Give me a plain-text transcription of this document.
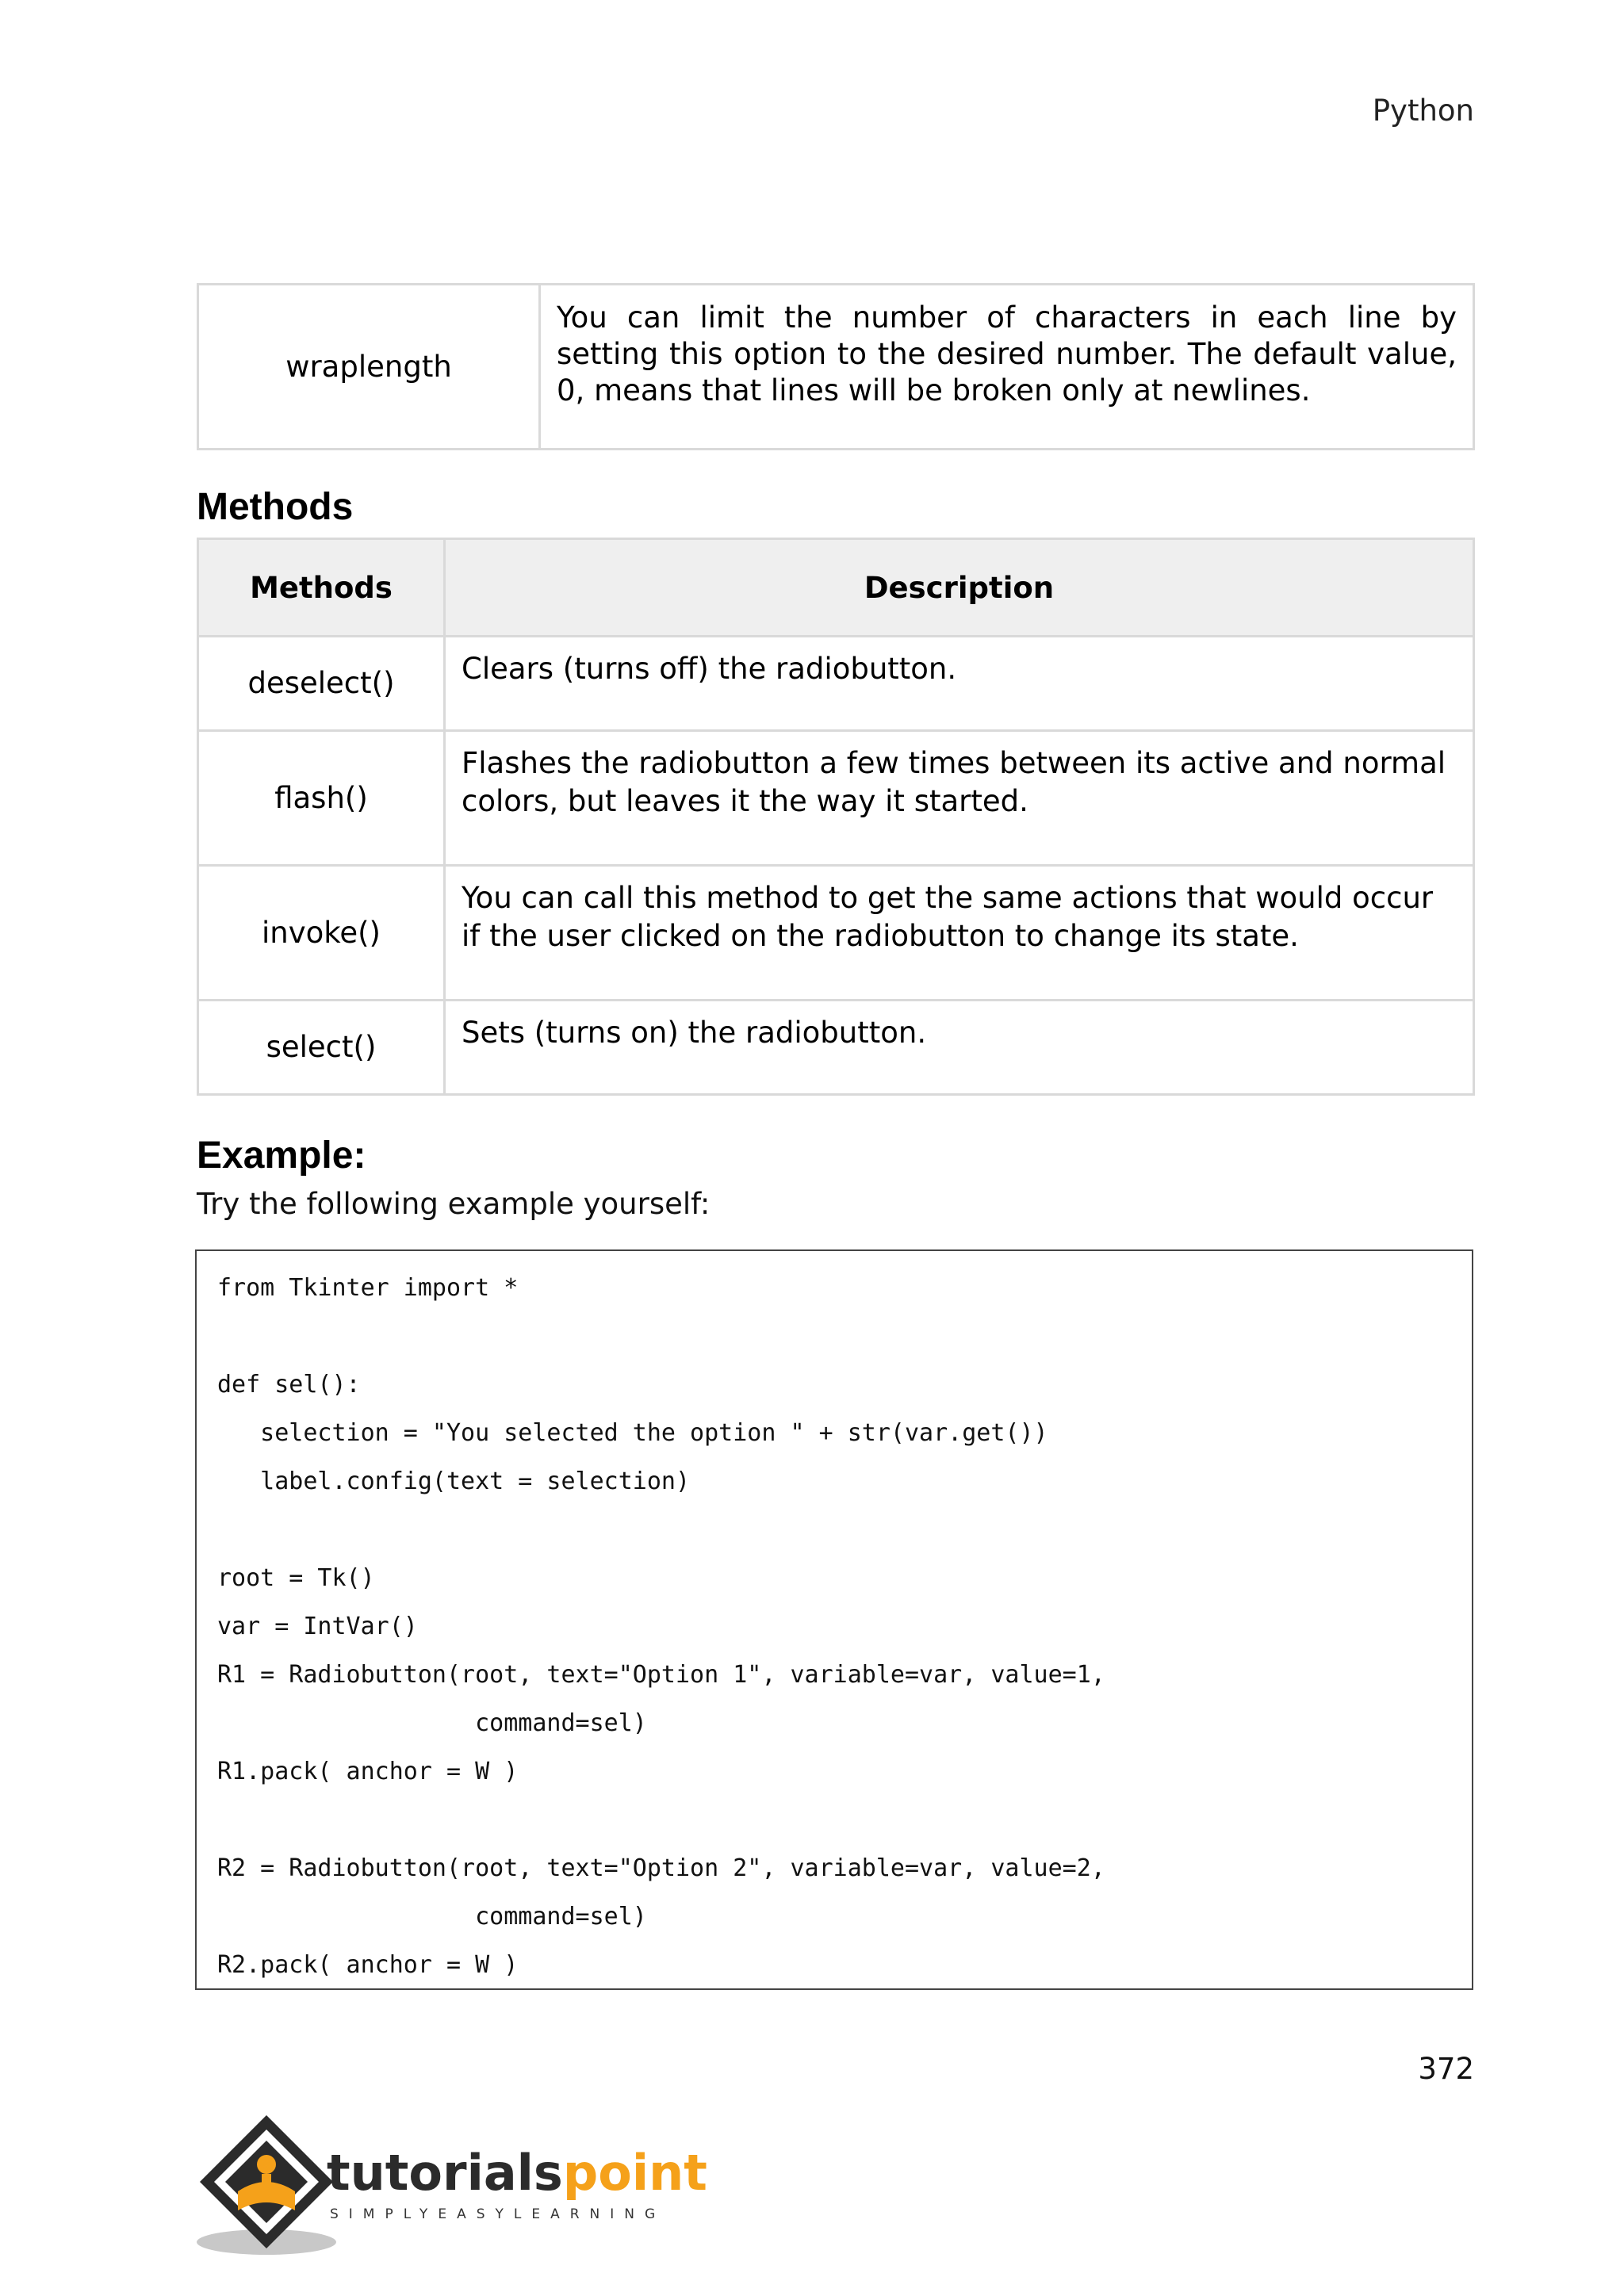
Python
wraplength	You can limit the number of characters in each line by setting this option to the desired number. The default value, 0, means that lines will be broken only at newlines.
Methods
Methods	Description
deselect()	Clears (turns off) the radiobutton.
flash()	Flashes the radiobutton a few times between its active and normal colors, but leaves it the way it started.
invoke()	You can call this method to get the same actions that would occur if the user clicked on the radiobutton to change its state.
select()	Sets (turns on) the radiobutton.
Example:

Try the following example yourself:

from Tkinter import *

def sel():
selection = "You selected the option " + str(var.get())
label.config(text = selection)

root = Tk()
var = IntVar()
R1 = Radiobutton(root, text="Option 1", variable=var, value=1,
command=sel)
R1.pack( anchor = W )

R2 = Radiobutton(root, text="Option 2", variable=var, value=2,
command=sel)
R2.pack( anchor = W )
372
tutorialspoint
SIMPLYEASYLEARNING
